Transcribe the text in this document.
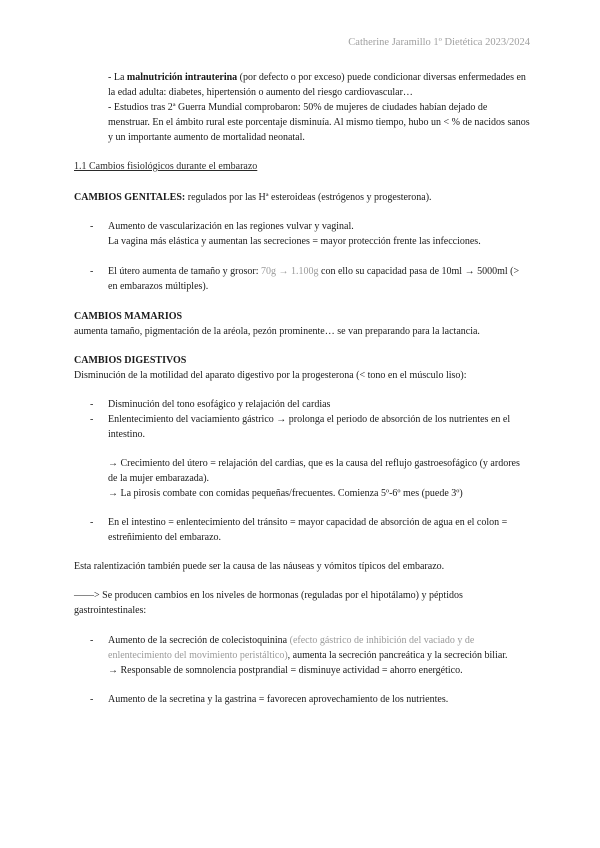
Catherine Jaramillo 1º Dietética 2023/2024

- La malnutrición intrauterina (por defecto o por exceso) puede condicionar diversas enfermedades en la edad adulta: diabetes, hipertensión o aumento del riesgo cardiovascular…

- Estudios tras 2ª Guerra Mundial comprobaron: 50% de mujeres de ciudades habían dejado de menstruar. En el ámbito rural este porcentaje disminuía. Al mismo tiempo, hubo un < % de nacidos sanos y un importante aumento de mortalidad neonatal.

1.1 Cambios fisiológicos durante el embarazo

CAMBIOS GENITALES: regulados por las Hª esteroideas (estrógenos y progesterona).

- Aumento de vascularización en las regiones vulvar y vaginal.
La vagina más elástica y aumentan las secreciones = mayor protección frente las infecciones.
- El útero aumenta de tamaño y grosor: 70g → 1.100g con ello su capacidad pasa de 10ml → 5000ml (> en embarazos múltiples).

CAMBIOS MAMARIOS

aumenta tamaño, pigmentación de la aréola, pezón prominente… se van preparando para la lactancia.

CAMBIOS DIGESTIVOS

Disminución de la motilidad del aparato digestivo por la progesterona (< tono en el músculo liso):

- Disminución del tono esofágico y relajación del cardias
- Enlentecimiento del vaciamiento gástrico → prolonga el periodo de absorción de los nutrientes en el intestino.

→ Crecimiento del útero = relajación del cardias, que es la causa del reflujo gastroesofágico (y ardores de la mujer embarazada).

→ La pirosis combate con comidas pequeñas/frecuentes. Comienza 5º-6º mes (puede 3º)

- En el intestino = enlentecimiento del tránsito = mayor capacidad de absorción de agua en el colon = estreñimiento del embarazo.

Esta ralentización también puede ser la causa de las náuseas y vómitos típicos del embarazo.

——> Se producen cambios en los niveles de hormonas (reguladas por el hipotálamo) y péptidos gastrointestinales:

- Aumento de la secreción de colecistoquinina (efecto gástrico de inhibición del vaciado y de enlentecimiento del movimiento peristáltico), aumenta la secreción pancreática y la secreción biliar.
→ Responsable de somnolencia postprandial = disminuye actividad = ahorro energético.
- Aumento de la secretina y la gastrina = favorecen aprovechamiento de los nutrientes.
